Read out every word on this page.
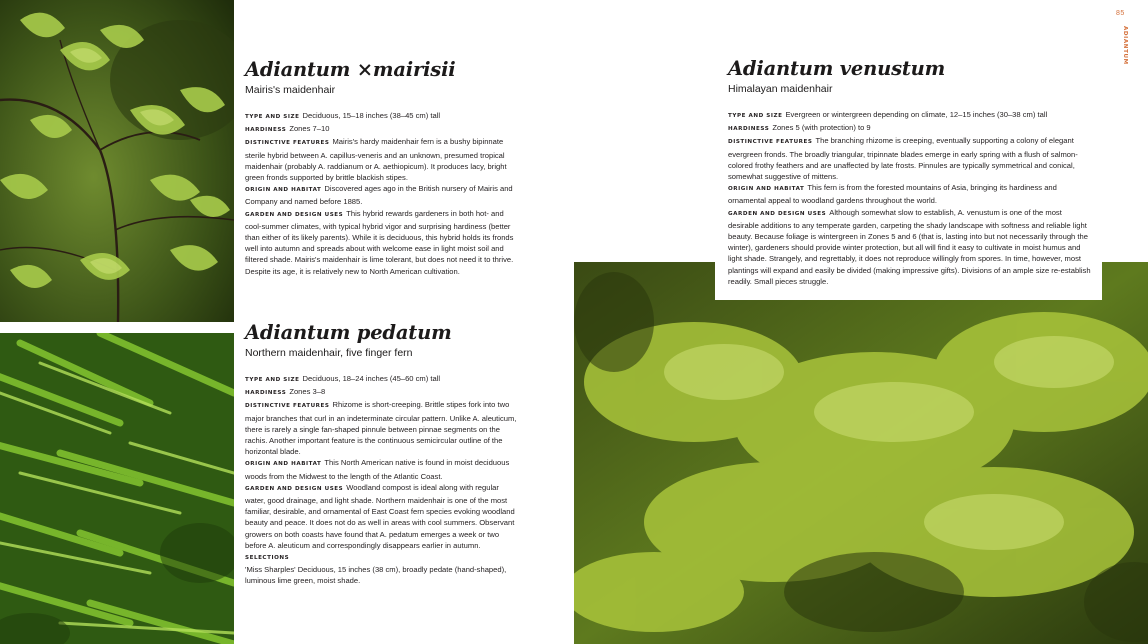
85
ADIANTUM
Adiantum ×mairisii
Mairis's maidenhair

TYPE AND SIZE Deciduous, 15–18 inches (38–45 cm) tall

HARDINESS Zones 7–10

DISTINCTIVE FEATURES Mairis's hardy maidenhair fern is a bushy bipinnate sterile hybrid between A. capillus-veneris and an unknown, presumed tropical maidenhair (probably A. raddianum or A. aethiopicum). It produces lacy, bright green fronds supported by brittle blackish stipes.

ORIGIN AND HABITAT Discovered ages ago in the British nursery of Mairis and Company and named before 1885.

GARDEN AND DESIGN USES This hybrid rewards gardeners in both hot- and cool-summer climates, with typical hybrid vigor and surprising hardiness (better than either of its likely parents). While it is deciduous, this hybrid holds its fronds well into autumn and spreads about with welcome ease in light moist soil and filtered shade. Mairis's maidenhair is lime tolerant, but does not need it to thrive. Despite its age, it is relatively new to North American cultivation.

Adiantum pedatum
Northern maidenhair, five finger fern

TYPE AND SIZE Deciduous, 18–24 inches (45–60 cm) tall

HARDINESS Zones 3–8

DISTINCTIVE FEATURES Rhizome is short-creeping. Brittle stipes fork into two major branches that curl in an indeterminate circular pattern. Unlike A. aleuticum, there is rarely a single fan-shaped pinnule between pinnae segments on the rachis. Another important feature is the continuous semicircular outline of the horizontal blade.

ORIGIN AND HABITAT This North American native is found in moist deciduous woods from the Midwest to the length of the Atlantic Coast.

GARDEN AND DESIGN USES Woodland compost is ideal along with regular water, good drainage, and light shade. Northern maidenhair is one of the most familiar, desirable, and ornamental of East Coast fern species evoking woodland beauty and peace. It does not do as well in areas with cool summers. Observant growers on both coasts have found that A. pedatum emerges a week or two before A. aleuticum and correspondingly disappears earlier in autumn.

SELECTIONS

'Miss Sharples' Deciduous, 15 inches (38 cm), broadly pedate (hand-shaped), luminous lime green, moist shade.

Adiantum venustum
Himalayan maidenhair

TYPE AND SIZE Evergreen or wintergreen depending on climate, 12–15 inches (30–38 cm) tall

HARDINESS Zones 5 (with protection) to 9

DISTINCTIVE FEATURES The branching rhizome is creeping, eventually supporting a colony of elegant evergreen fronds. The broadly triangular, tripinnate blades emerge in early spring with a flush of salmon-colored frothy feathers and are unaffected by late frosts. Pinnules are typically symmetrical and conical, somewhat suggestive of mittens.

ORIGIN AND HABITAT This fern is from the forested mountains of Asia, bringing its hardiness and ornamental appeal to woodland gardens throughout the world.

GARDEN AND DESIGN USES Although somewhat slow to establish, A. venustum is one of the most desirable additions to any temperate garden, carpeting the shady landscape with softness and reliable light beauty. Because foliage is wintergreen in Zones 5 and 6 (that is, lasting into but not necessarily through the winter), gardeners should provide winter protection, but all will find it easy to cultivate in moist humus and light shade. Strangely, and regrettably, it does not reproduce willingly from spores. In time, however, most plantings will expand and easily be divided (making impressive gifts). Divisions of an ample size re-establish readily. Small pieces struggle.
